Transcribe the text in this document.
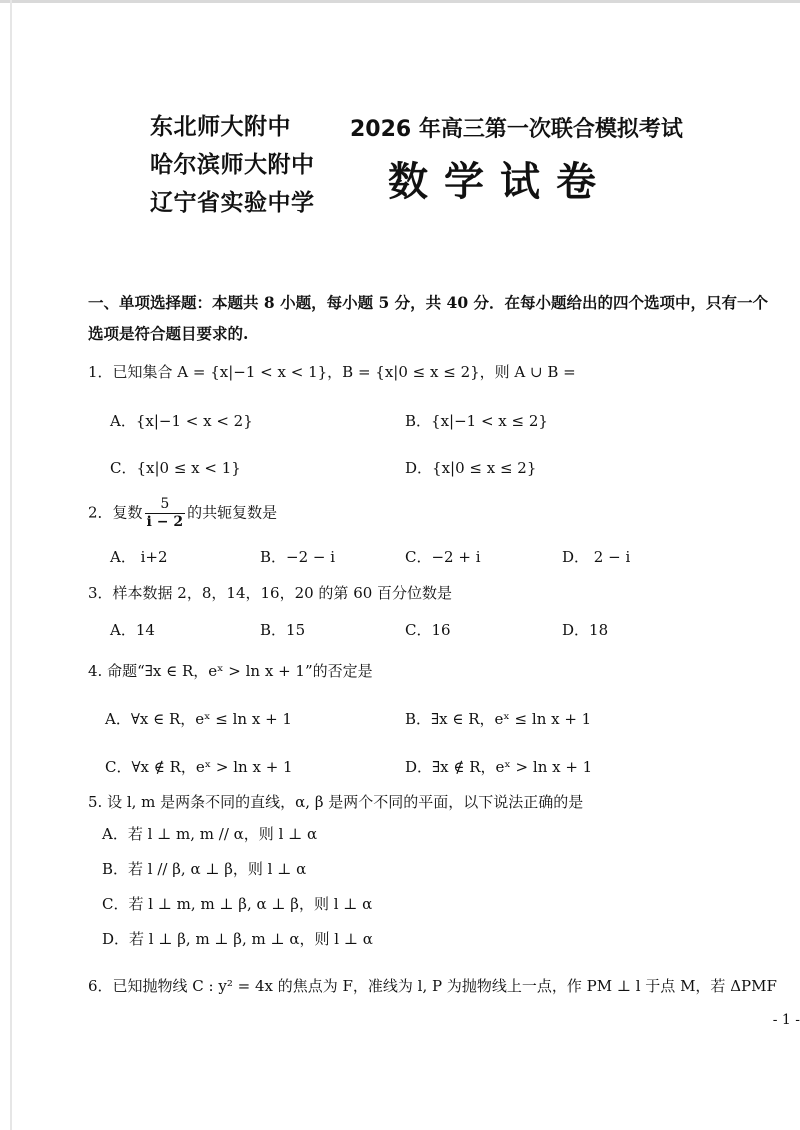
东北师大附中
哈尔滨师大附中
辽宁省实验中学
2026 年高三第一次联合模拟考试
数学试卷
一、单项选择题：本题共 8 小题，每小题 5 分，共 40 分．在每小题给出的四个选项中，只有一个
选项是符合题目要求的.
1．已知集合 A = {x|−1 < x < 1}，B = {x|0 ≤ x ≤ 2}，则 A ∪ B =
A．{x|−1 < x < 2}	B．{x|−1 < x ≤ 2}
C．{x|0 ≤ x < 1}	D．{x|0 ≤ x ≤ 2}
2．复数 $\frac{5}{i - 2}$ 的共轭复数是
A． i+2	B．−2 − i	C．−2 + i	D． 2 − i
3．样本数据 2，8，14，16，20 的第 60 百分位数是
A．14	B．15	C．16	D．18
4. 命题“∃x ∈ R，eˣ > ln x + 1”的否定是
A．∀x ∈ R，eˣ ≤ ln x + 1	B．∃x ∈ R，eˣ ≤ ln x + 1
C．∀x ∉ R，eˣ > ln x + 1	D．∃x ∉ R，eˣ > ln x + 1
5. 设 l, m 是两条不同的直线，α, β 是两个不同的平面，以下说法正确的是
A．若 l ⊥ m, m // α，则 l ⊥ α
B．若 l // β, α ⊥ β，则 l ⊥ α
C．若 l ⊥ m, m ⊥ β, α ⊥ β，则 l ⊥ α
D．若 l ⊥ β, m ⊥ β, m ⊥ α，则 l ⊥ α
6．已知抛物线 C : y² = 4x 的焦点为 F，准线为 l, P 为抛物线上一点，作 PM ⊥ l 于点 M，若 ΔPMF
- 1 -
